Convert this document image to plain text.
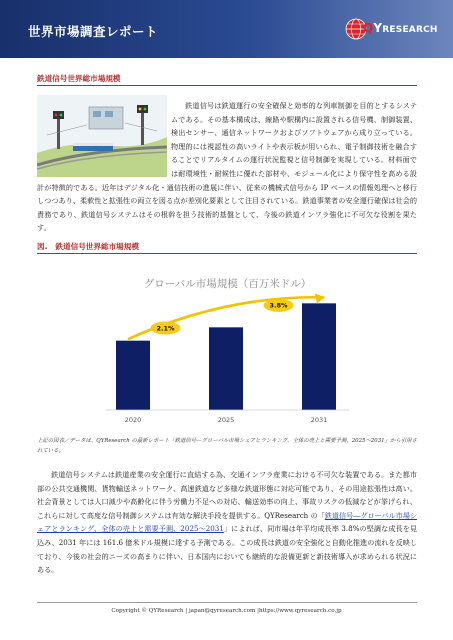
世界市場調査レポート	QYRESEARCH
鉄道信号世界総市場規模
鉄道信号は鉄道運行の安全確保と効率的な列車制御を目的とするシステムである。その基本構成は、線路や駅構内に設置される信号機、制御装置、検出センサー、通信ネットワークおよびソフトウェアから成り立っている。物理的には視認性の高いライトや表示板が用いられ、電子制御技術を融合することでリアルタイムの運行状況監視と信号制御を実現している。材料面では耐環境性・耐候性に優れた部材や、モジュール化により保守性を高める設計が特徴的である。近年はデジタル化・通信技術の進展に伴い、従来の機械式信号から IP ベースの情報処理へと移行しつつあり、柔軟性と拡張性の両立を図る点が差別化要素として注目されている。鉄道事業者の安全運行確保は社会的責務であり、鉄道信号システムはその根幹を担う技術的基盤として、今後の鉄道インフラ強化に不可欠な役割を果たす。
図. 鉄道信号世界総市場規模
グローバル市場規模（百万米ドル）
2020	2025	2031
2.1%
3.8%
上記の図表／データは、QYResearch の最新レポート「鉄道信号―グローバル市場シェアとランキング、全体の売上と需要予測、2025～2031」から引用されている。
鉄道信号システムは鉄道産業の安全運行に直結する為、交通インフラ産業における不可欠な装置である。また都市部の公共交通機関、貨物輸送ネットワーク、高速鉄道など多様な鉄道形態に対応可能であり、その用途拡張性は高い。社会背景としては人口減少や高齢化に伴う労働力不足への対応、輸送効率の向上、事故リスクの低減などが挙げられ、これらに対して高度な信号制御システムは有効な解決手段を提供する。QYResearch の「鉄道信号―グローバル市場シェアとランキング、全体の売上と需要予測、2025～2031」によれば、同市場は年平均成長率 3.8%の堅調な成長を見込み、2031 年には 161.6 億米ドル規模に達する予測である。この成長は鉄道の安全強化と自動化推進の流れを反映しており、今後の社会的ニーズの高まりに伴い、日本国内においても継続的な設備更新と新技術導入が求められる状況にある。
Copyright © QYResearch | japan@qyresearch.com |https://www.qyresearch.co.jp
